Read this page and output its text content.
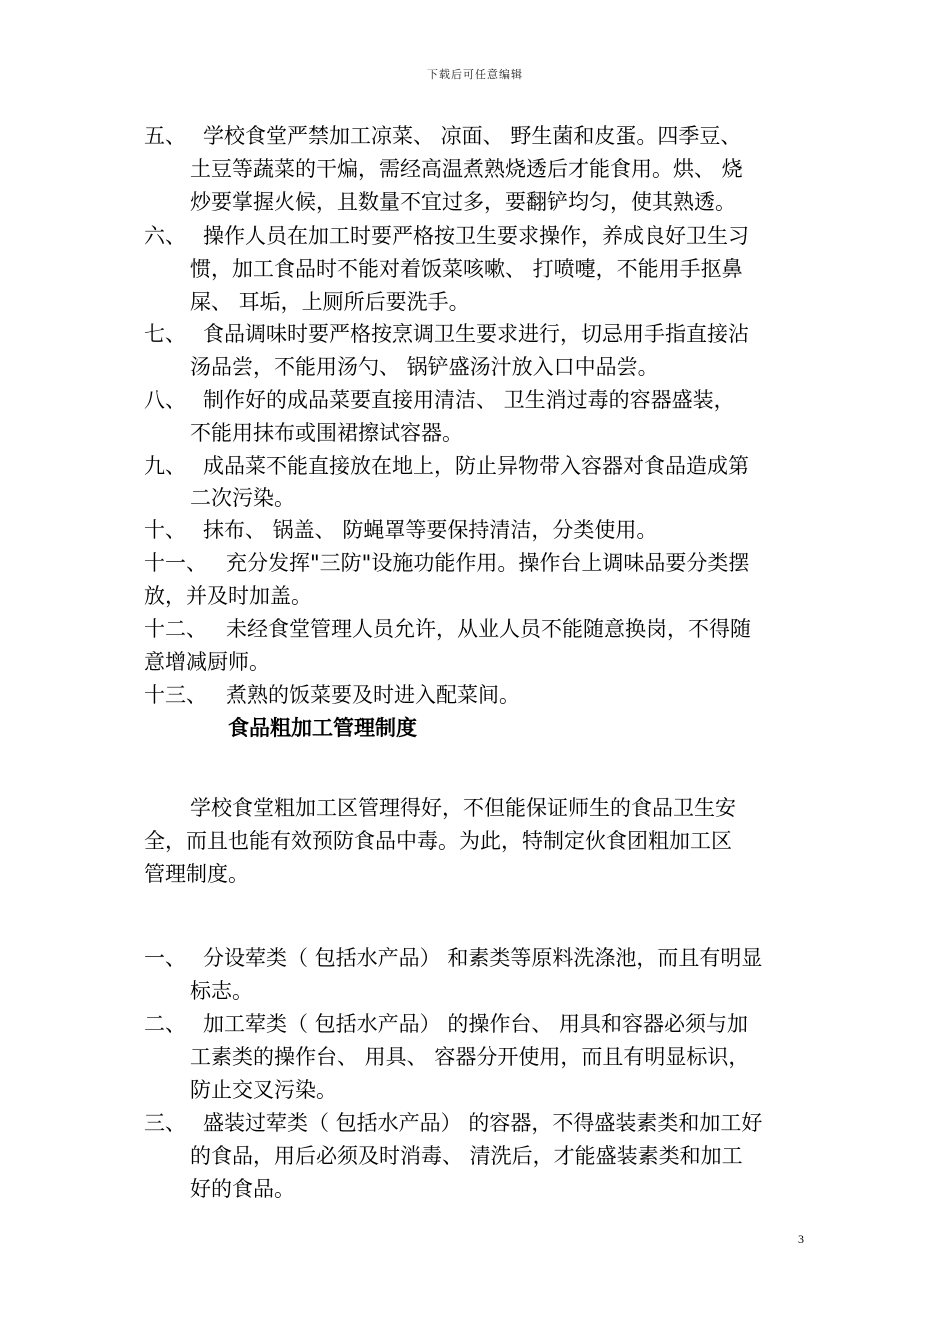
下载后可任意编辑
五、 学校食堂严禁加工凉菜、 凉面、 野生菌和皮蛋。四季豆、
土豆等蔬菜的干煸，需经高温煮熟烧透后才能食用。烘、 烧
炒要掌握火候，且数量不宜过多，要翻铲均匀，使其熟透。
六、 操作人员在加工时要严格按卫生要求操作，养成良好卫生习
惯，加工食品时不能对着饭菜咳嗽、 打喷嚏，不能用手抠鼻
屎、 耳垢，上厕所后要洗手。
七、 食品调味时要严格按烹调卫生要求进行，切忌用手指直接沾
汤品尝，不能用汤勺、 锅铲盛汤汁放入口中品尝。
八、 制作好的成品菜要直接用清洁、 卫生消过毒的容器盛装，
不能用抹布或围裙擦试容器。
九、 成品菜不能直接放在地上，防止异物带入容器对食品造成第
二次污染。
十、 抹布、 锅盖、 防蝇罩等要保持清洁，分类使用。
十一、 充分发挥"三防"设施功能作用。操作台上调味品要分类摆
放，并及时加盖。
十二、 未经食堂管理人员允许，从业人员不能随意换岗，不得随
意增减厨师。
十三、 煮熟的饭菜要及时进入配菜间。
食品粗加工管理制度
学校食堂粗加工区管理得好，不但能保证师生的食品卫生安
全，而且也能有效预防食品中毒。为此，特制定伙食团粗加工区
管理制度。
一、 分设荤类（ 包括水产品） 和素类等原料洗涤池，而且有明显
标志。
二、 加工荤类（ 包括水产品） 的操作台、 用具和容器必须与加
工素类的操作台、 用具、 容器分开使用，而且有明显标识，
防止交叉污染。
三、 盛装过荤类（ 包括水产品） 的容器，不得盛装素类和加工好
的食品，用后必须及时消毒、 清洗后，才能盛装素类和加工
好的食品。
3
